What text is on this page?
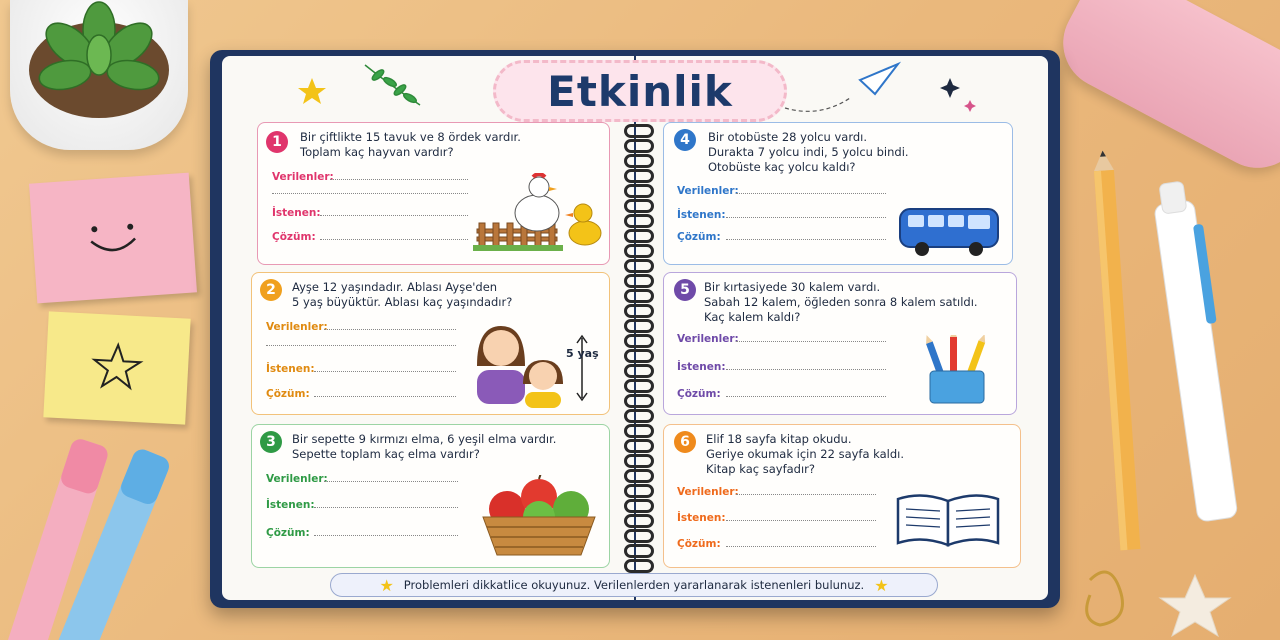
Etkinlik
1	Bir çiftlikte 15 tavuk ve 8 ördek vardır.
Toplam kaç hayvan vardır?
Verilenler:
İstenen:
Çözüm:
2	Ayşe 12 yaşındadır. Ablası Ayşe'den
5 yaş büyüktür. Ablası kaç yaşındadır?
Verilenler:
İstenen:
Çözüm:
5 yaş
3	Bir sepette 9 kırmızı elma, 6 yeşil elma vardır.
Sepette toplam kaç elma vardır?
Verilenler:
İstenen:
Çözüm:
4	Bir otobüste 28 yolcu vardı.
Durakta 7 yolcu indi, 5 yolcu bindi.
Otobüste kaç yolcu kaldı?
Verilenler:
İstenen:
Çözüm:
5	Bir kırtasiyede 30 kalem vardı.
Sabah 12 kalem, öğleden sonra 8 kalem satıldı.
Kaç kalem kaldı?
Verilenler:
İstenen:
Çözüm:
6	Elif 18 sayfa kitap okudu.
Geriye okumak için 22 sayfa kaldı.
Kitap kaç sayfadır?
Verilenler:
İstenen:
Çözüm:
★ Problemleri dikkatlice okuyunuz. Verilenlerden yararlanarak istenenleri bulunuz. ★
